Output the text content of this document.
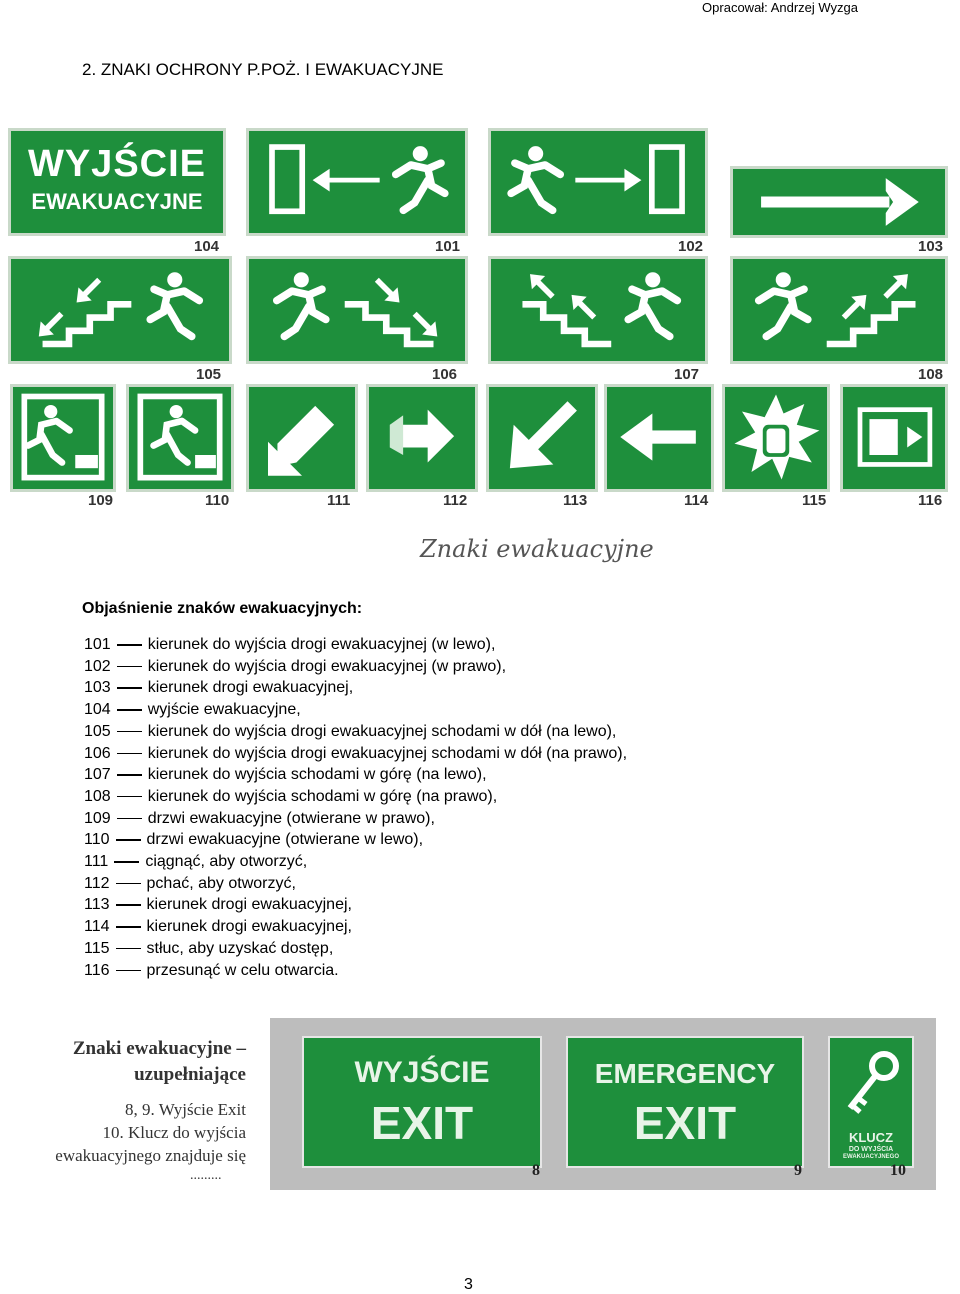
Opracował: Andrzej Wyzga
2. ZNAKI OCHRONY P.POŻ. I EWAKUACYJNE
WYJŚCIE
EWAKUACYJNE
104	101	102	103
105	106	107	108
109	110	111	112	113	114	115	116
Znaki ewakuacyjne
Objaśnienie znaków ewakuacyjnych:
101 kierunek do wyjścia drogi ewakuacyjnej (w lewo),
102 kierunek do wyjścia drogi ewakuacyjnej (w prawo),
103 kierunek drogi ewakuacyjnej,
104 wyjście ewakuacyjne,
105 kierunek do wyjścia drogi ewakuacyjnej schodami w dół (na lewo),
106 kierunek do wyjścia drogi ewakuacyjnej schodami w dół (na prawo),
107 kierunek do wyjścia schodami w górę (na lewo),
108 kierunek do wyjścia schodami w górę (na prawo),
109 drzwi ewakuacyjne (otwierane w prawo),
110 drzwi ewakuacyjne (otwierane w lewo),
111 ciągnąć, aby otworzyć,
112 pchać, aby otworzyć,
113 kierunek drogi ewakuacyjnej,
114 kierunek drogi ewakuacyjnej,
115 stłuc, aby uzyskać dostęp,
116 przesunąć w celu otwarcia.
Znaki ewakuacyjne –
uzupełniające
8, 9. Wyjście Exit
10. Klucz do wyjścia
ewakuacyjnego znajduje się
.........
WYJŚCIE
EXIT
8
EMERGENCY
EXIT
9
KLUCZ
DO WYJŚCIA
EWAKUACYJNEGO
10
3
